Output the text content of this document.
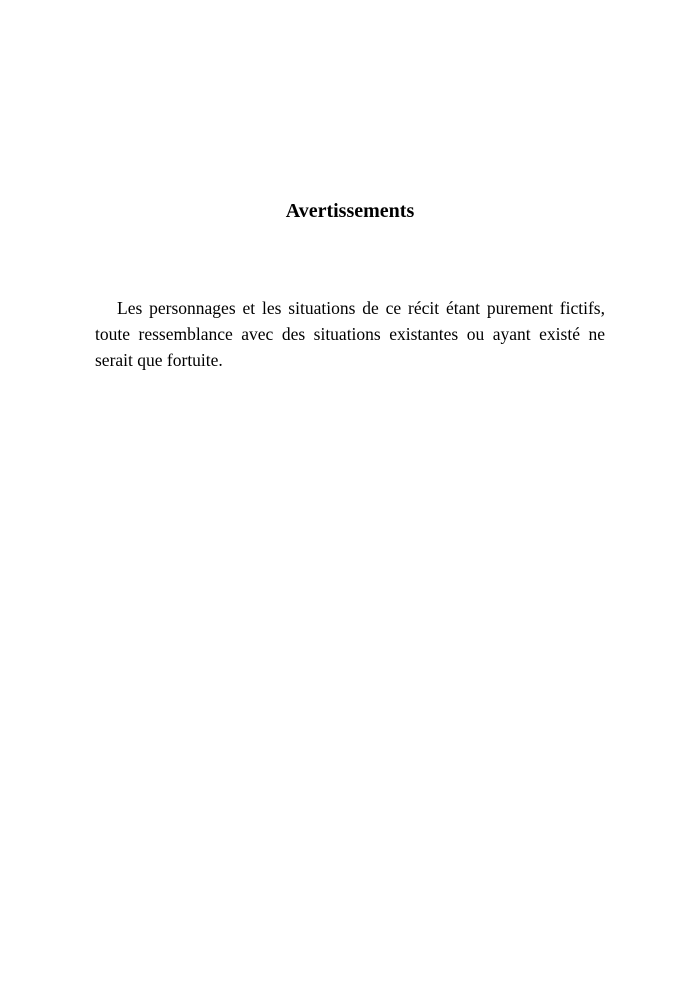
Avertissements

Les personnages et les situations de ce récit étant purement fictifs, toute ressemblance avec des situations existantes ou ayant existé ne serait que fortuite.
